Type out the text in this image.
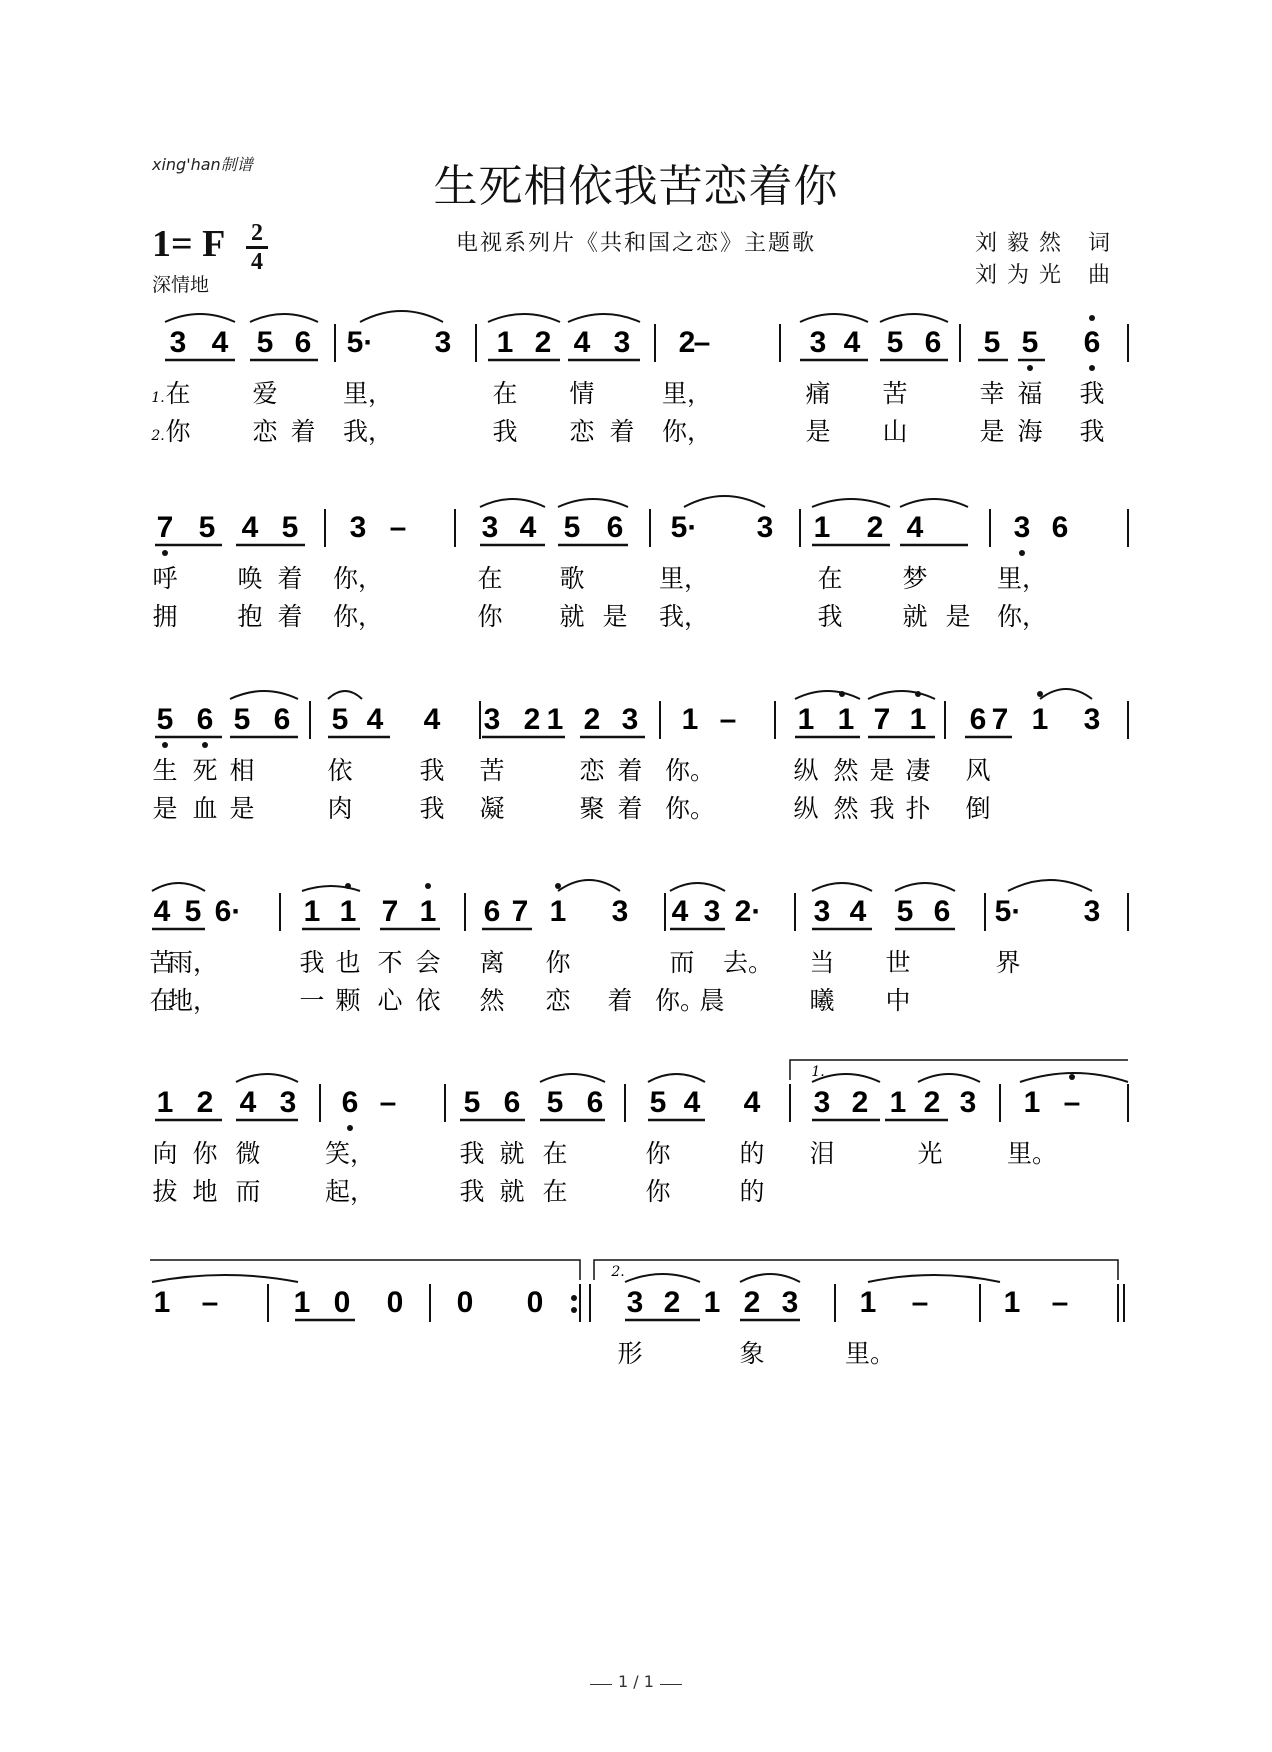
xing'han制谱	生死相依我苦恋着你
1= F 2
4
深情地
电视系列片《共和国之恋》主题歌	刘毅然 词
刘为光 曲
3 4 5 6 5· 3 1 2 4 3 2
–	3 4 5 6 5 5 6
1. 在 爱	里，	在 情	里，	痛 苦	幸 福 我
2. 你 恋 着 我，	我 恋 着 你，	是 山	是 海 我
7 5 4 5 3 –	3 4 5 6 5· 3 1 2 4	3 6
呼 唤 着 你，	在 歌	里，	在 梦	里，
拥 抱 着 你，	你 就 是 我，	我 就 是 你，
5 6 5 6 5 4 4 3 2 1 2 3 1 – 1 1 7 1 6 7 1 3
生 死 相	依	我 苦	恋 着 你。	纵 然 是 凄 风
是 血 是	肉	我 凝	聚 着 你。	纵 然 我 扑 倒
4 5 6· 1 1 7 1 6 7 1 3 4 3 2· 3 4 5 6 5· 3
苦
雨，	我 也 不 会 离 你	而 去。 当 世	界
在
地，	一 颗 心 依 然 恋 着 你。
晨	曦 中
1 2 4 3 6 – 5 6 5 6 5 4 4 3 2 1 2 3 1 –
向 你 微	笑，	我 就 在	你	的 泪	光	里。
拔 地 而	起，	我 就 在	你	的
1.
1 –	1 0 0 0 0	3 2 1 2 3 1 –	1 –
形	象	里。
2.
1 / 1
